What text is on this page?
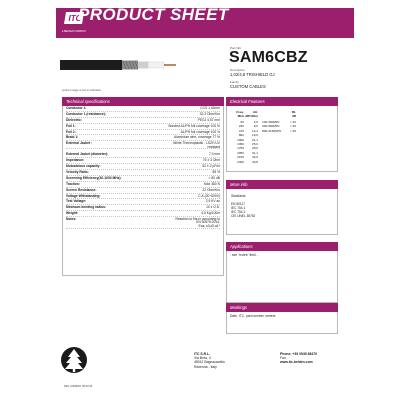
ITC
a BELDEN COMPANY
PRODUCT SHEET
product image is just an indication
Part Nbr.
SAM6CBZ
Description
1,02/4,8 TRISHIELD GJ
Family
CUSTOM CABLES
Technical specifications
Conductor 1:	CCS 1,02mm
Conductor 1 (resistance):	32,3 Ohm/Km
Dielectric:	PEGJ 4,57 mm
Foil 1:	Bonded AL/PH foil coverage 100 %
Foil 2:	AL/PH foil coverage 100 %
Braid 1:	Aluminium wire, coverage 77 %
External Jacket :	White Thermoplastic - LSZH UV
resistant
External Jacket (diameter):	7,0 mm
Impedance:	75 ± 3 Ohm
Mutualcious capacity:	52 ± 2 pF/m
Velocity Ratio:	85 %
Screening Efficiency(30-1000 MHz):	> 80 dB
Traction:	Max 380 N
Screen Resistance:	22 Ohm/Km
Voltage Withstanding:	C.A.(20÷600V)
Test Voltage:	2,5 KV ac
Minimum bending radius:	10 x O.D.
Weight:	4,5 Kg/100m
Notes:	Reaction to fire in according to
EN 50575:2014:
Eca; s3,d2,a1*
Electrical Features
Freq.
MHz
Att.
dB/100m
RL
dB
50	4,6	100-300MHz	> 32
230	8,6	300-800MHz	> 26
470	14,4	800-2150MHz	> 20
862	19,6
1000	21,1
1350	25,0
1750	28,6
2050	31,1
2150	32,0
2400	33,8
More info
Standards
EN 50117
IEC 754-1
IEC 754-2
CEI UNEL 36762
Applications
- see "notes" field -
Markings
Date, ITC, part number, meters
REV. 2/9/08/07 06:40:46
ITC S.R.L.
Via Bora, 4
48012 Bagnacavallo
Ravenna - Italy
Phone: +39 0545 68470
Fax:
www.itc-belden.com
